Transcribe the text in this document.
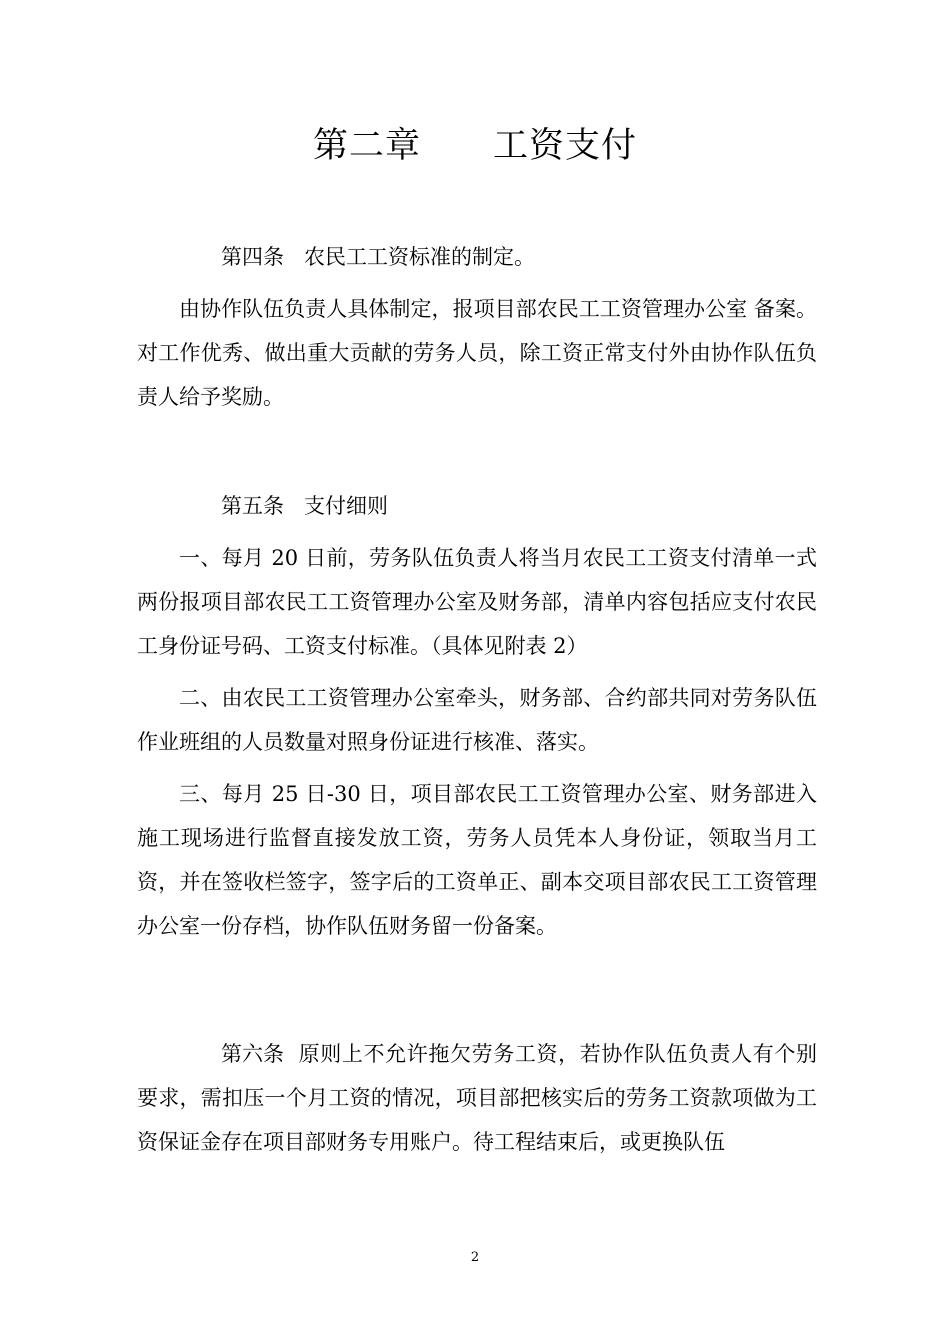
第二章 工资支付

第四条 农民工工资标准的制定。

由协作队伍负责人具体制定，报项目部农民工工资管理办公室 备案。对工作优秀、做出重大贡献的劳务人员，除工资正常支付外由协作队伍负责人给予奖励。

第五条 支付细则

一、每月 20 日前，劳务队伍负责人将当月农民工工资支付清单一式两份报项目部农民工工资管理办公室及财务部，清单内容包括应支付农民工身份证号码、工资支付标准。（具体见附表 2）

二、由农民工工资管理办公室牵头，财务部、合约部共同对劳务队伍作业班组的人员数量对照身份证进行核准、落实。

三、每月 25 日-30 日，项目部农民工工资管理办公室、财务部进入施工现场进行监督直接发放工资，劳务人员凭本人身份证，领取当月工资，并在签收栏签字，签字后的工资单正、副本交项目部农民工工资管理办公室一份存档，协作队伍财务留一份备案。

第六条 原则上不允许拖欠劳务工资，若协作队伍负责人有个别要求，需扣压一个月工资的情况，项目部把核实后的劳务工资款项做为工资保证金存在项目部财务专用账户。待工程结束后，或更换队伍

2
